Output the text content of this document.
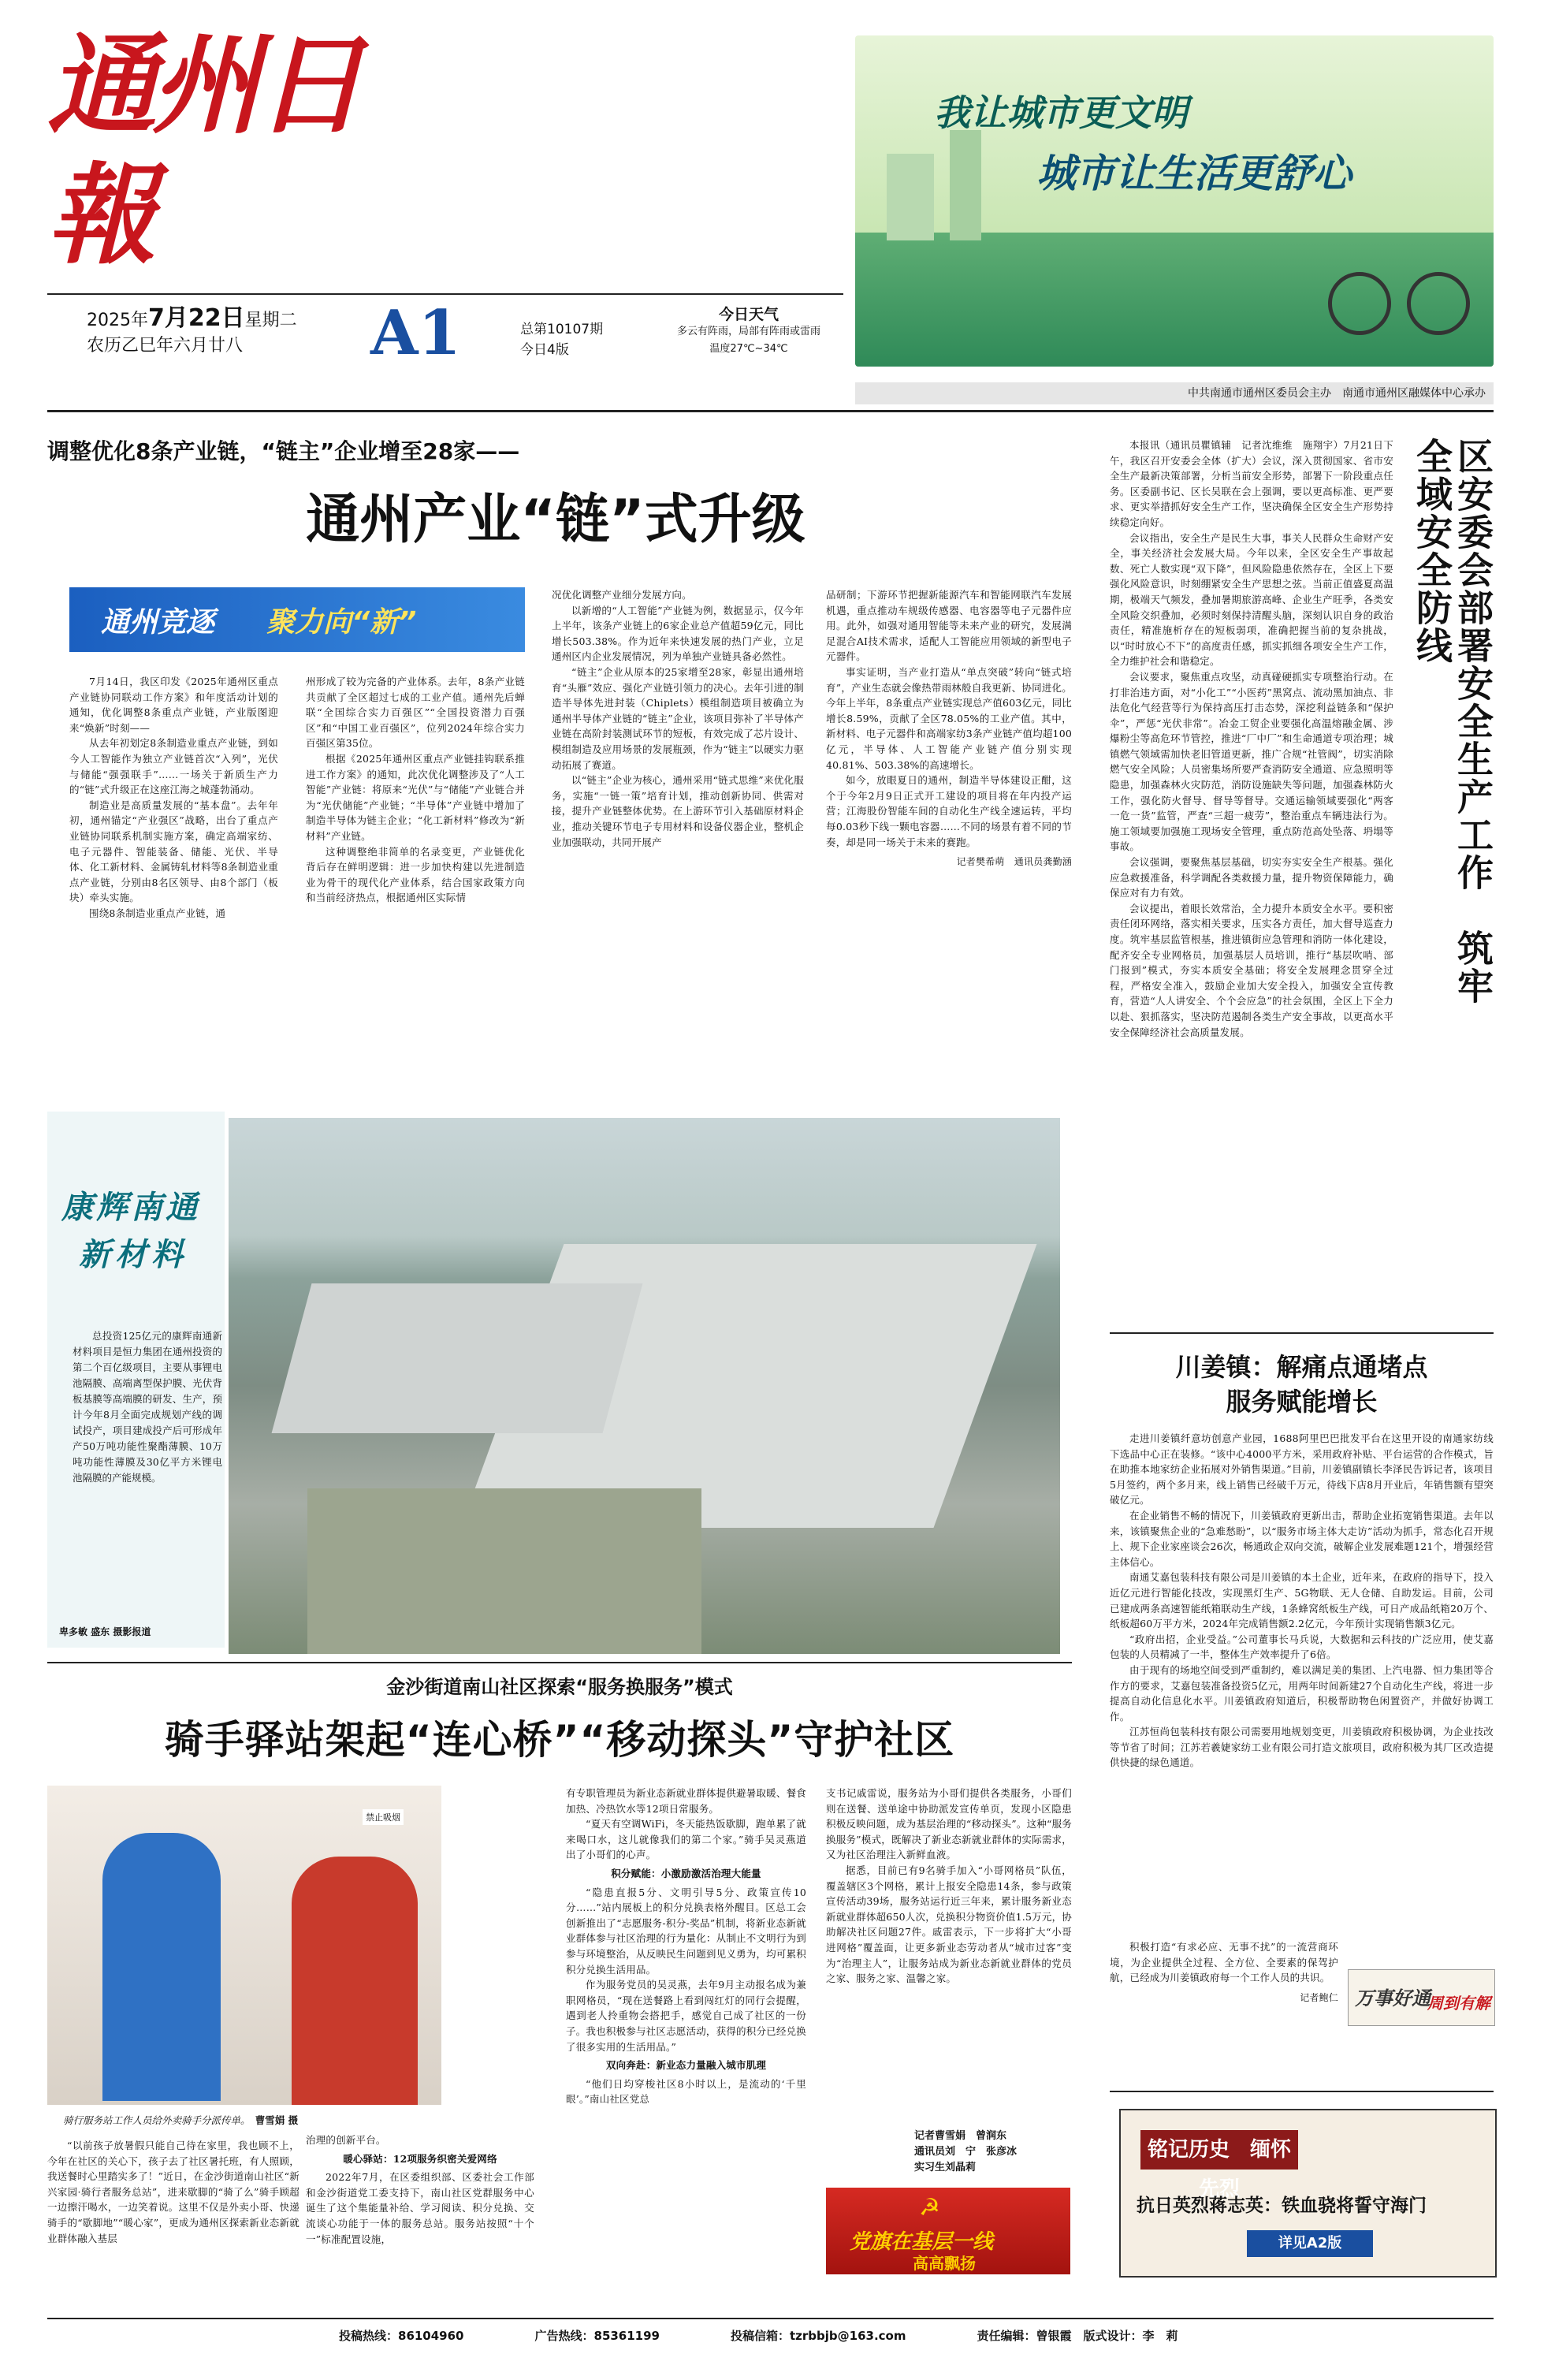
通州日報
2025年7月22日星期二
农历乙巳年六月廿八	A1	总第10107期
今日4版
今日天气
多云有阵雨，局部有阵雨或雷雨
温度27℃~34℃
我让城市更文明
城市让生活更舒心
中共南通市通州区委员会主办　南通市通州区融媒体中心承办
调整优化8条产业链，“链主”企业增至28家——
通州产业“链”式升级
通州竞逐 聚力向“新”

7月14日，我区印发《2025年通州区重点产业链协同联动工作方案》和年度活动计划的通知，优化调整8条重点产业链，产业版图迎来“焕新”时刻——

从去年初划定8条制造业重点产业链，到如今人工智能作为独立产业链首次“入列”，光伏与储能“强强联手”……一场关于新质生产力的“链”式升级正在这座江海之城蓬勃涌动。

制造业是高质量发展的“基本盘”。去年年初，通州锚定“产业强区”战略，出台了重点产业链协同联系机制实施方案，确定高端家纺、电子元器件、智能装备、储能、光伏、半导体、化工新材料、金属铸轧材料等8条制造业重点产业链，分别由8名区领导、由8个部门（板块）牵头实施。

围绕8条制造业重点产业链，通

州形成了较为完备的产业体系。去年，8条产业链共贡献了全区超过七成的工业产值。通州先后蝉联“全国综合实力百强区”“全国投资潜力百强区”和“中国工业百强区”，位列2024年综合实力百强区第35位。

根据《2025年通州区重点产业链挂钩联系推进工作方案》的通知，此次优化调整涉及了“人工智能”产业链：将原来“光伏”与“储能”产业链合并为“光伏储能”产业链；“半导体”产业链中增加了制造半导体为链主企业；“化工新材料”修改为“新材料”产业链。

这种调整绝非简单的名录变更，产业链优化背后存在鲜明逻辑：进一步加快构建以先进制造业为骨干的现代化产业体系，结合国家政策方向和当前经济热点，根据通州区实际情

况优化调整产业细分发展方向。

以新增的“人工智能”产业链为例，数据显示，仅今年上半年，该条产业链上的6家企业总产值超59亿元，同比增长503.38%。作为近年来快速发展的热门产业，立足通州区内企业发展情况，列为单独产业链具备必然性。

“链主”企业从原本的25家增至28家，彰显出通州培育“头雁”效应、强化产业链引领力的决心。去年引进的制造半导体先进封装（Chiplets）模组制造项目被确立为通州半导体产业链的“链主”企业，该项目弥补了半导体产业链在高阶封装测试环节的短板，有效完成了芯片设计、模组制造及应用场景的发展瓶颈，作为“链主”以硬实力驱动拓展了赛道。

以“链主”企业为核心，通州采用“链式思维”来优化服务，实施“一链一策”培育计划，推动创新协同、供需对接，提升产业链整体优势。在上游环节引入基础原材料企业，推动关键环节电子专用材料和设备仪器企业，整机企业加强联动，共同开展产

品研制；下游环节把握新能源汽车和智能网联汽车发展机遇，重点推动车规级传感器、电容器等电子元器件应用。此外，如强对通用智能等未来产业的研究，发展满足混合AI技术需求，适配人工智能应用领域的新型电子元器件。

事实证明，当产业打造从“单点突破”转向“链式培育”，产业生态就会像热带雨林般自我更新、协同进化。今年上半年，8条重点产业链实现总产值603亿元，同比增长8.59%，贡献了全区78.05%的工业产值。其中，新材料、电子元器件和高端家纺3条产业链产值均超100亿元，半导体、人工智能产业链产值分别实现40.81%、503.38%的高速增长。

如今，放眼夏日的通州，制造半导体建设正酣，这个于今年2月9日正式开工建设的项目将在年内投产运营；江海股份智能车间的自动化生产线全速运转，平均每0.03秒下线一颗电容器……不同的场景有着不同的节奏，却是同一场关于未来的赛跑。

记者樊希萌　通讯员龚勤涵

康辉南通
新材料
总投资125亿元的康辉南通新材料项目是恒力集团在通州投资的第二个百亿级项目，主要从事锂电池隔膜、高端离型保护膜、光伏背板基膜等高端膜的研发、生产，预计今年8月全面完成规划产线的调试投产，项目建成投产后可形成年产50万吨功能性聚酯薄膜、10万吨功能性薄膜及30亿平方米锂电池隔膜的产能规模。
卑多敏 盛东 摄影报道
区安委会部署安全生产工作　筑牢全域安全防线

本报讯（通讯员瞿镇辅　记者沈维维　施翔宇）7月21日下午，我区召开安委会全体（扩大）会议，深入贯彻国家、省市安全生产最新决策部署，分析当前安全形势，部署下一阶段重点任务。区委副书记、区长吴联在会上强调，要以更高标准、更严要求、更实举措抓好安全生产工作，坚决确保全区安全生产形势持续稳定向好。

会议指出，安全生产是民生大事，事关人民群众生命财产安全，事关经济社会发展大局。今年以来，全区安全生产事故起数、死亡人数实现“双下降”，但风险隐患依然存在，全区上下要强化风险意识，时刻绷紧安全生产思想之弦。当前正值盛夏高温期，极端天气频发，叠加暑期旅游高峰、企业生产旺季，各类安全风险交织叠加，必须时刻保持清醒头脑，深刻认识自身的政治责任，精准施析存在的短板弱项，准确把握当前的复杂挑战，以“时时放心不下”的高度责任感，抓实抓细各项安全生产工作，全力维护社会和谐稳定。

会议要求，聚焦重点攻坚，动真碰硬抓实专项整治行动。在打非治违方面，对“小化工”“小医药”黑窝点、流动黑加油点、非法危化气经营等行为保持高压打击态势，深挖利益链条和“保护伞”，严惩“光伏非常”。冶金工贸企业要强化高温熔融金属、涉爆粉尘等高危环节管控，推进“厂中厂”和生命通道专项治理；城镇燃气领域需加快老旧管道更新，推广合规“社管阀”，切实消除燃气安全风险；人员密集场所要严查消防安全通道、应急照明等隐患，加强森林火灾防范，消防设施缺失等问题，加强森林防火工作，强化防火督导、督导等督导。交通运输领域要强化“两客一危一货”监管，严查“三超一疲劳”，整治重点车辆违法行为。施工领域要加强施工现场安全管理，重点防范高处坠落、坍塌等事故。

会议强调，要聚焦基层基础，切实夯实安全生产根基。强化应急救援准备，科学调配各类救援力量，提升物资保障能力，确保应对有力有效。

会议提出，着眼长效常治，全力提升本质安全水平。要积密责任闭环网络，落实相关要求，压实各方责任，加大督导巡查力度。筑牢基层监管根基，推进镇街应急管理和消防一体化建设，配齐安全专业网格员，加强基层人员培训，推行“基层吹哨、部门报到”模式，夯实本质安全基础；将安全发展理念贯穿全过程，严格安全准入，鼓励企业加大安全投入，加强安全宣传教育，营造“人人讲安全、个个会应急”的社会氛围，全区上下全力以赴、狠抓落实，坚决防范遏制各类生产安全事故，以更高水平安全保障经济社会高质量发展。

川姜镇：解痛点通堵点
服务赋能增长

走进川姜镇纤意坊创意产业园，1688阿里巴巴批发平台在这里开设的南通家纺线下选品中心正在装修。“该中心4000平方米，采用政府补贴、平台运营的合作模式，旨在助推本地家纺企业拓展对外销售渠道。”目前，川姜镇副镇长李泽民告诉记者，该项目5月签约，两个多月来，线上销售已经破千万元，待线下店8月开业后，年销售额有望突破亿元。

在企业销售不畅的情况下，川姜镇政府更新出击，帮助企业拓宽销售渠道。去年以来，该镇聚焦企业的“急难愁盼”，以“服务市场主体大走访”活动为抓手，常态化召开规上、规下企业家座谈会26次，畅通政企双向交流，破解企业发展难题121个，增强经营主体信心。

南通艾嘉包装科技有限公司是川姜镇的本土企业，近年来，在政府的指导下，投入近亿元进行智能化技改，实现黑灯生产、5G物联、无人仓储、自助发运。目前，公司已建成两条高速智能纸箱联动生产线，1条蜂窝纸板生产线，可日产成品纸箱20万个、纸板超60万平方米，2024年完成销售额2.2亿元，今年预计实现销售额3亿元。

“政府出招，企业受益。”公司董事长马兵说，大数据和云科技的广泛应用，使艾嘉包装的人员精减了一半，整体生产效率提升了6倍。

由于现有的场地空间受到严重制约，难以满足美的集团、上汽电器、恒力集团等合作方的要求，艾嘉包装准备投资5亿元，用两年时间新建27个自动化生产线，将进一步提高自动化信息化水平。川姜镇政府知道后，积极帮助物色闲置资产，并做好协调工作。

江苏恒尚包装科技有限公司需要用地规划变更，川姜镇政府积极协调，为企业技改等节省了时间；江苏若羲婕家纺工业有限公司打造文旅项目，政府积极为其厂区改造提供快捷的绿色通道。

积极打造“有求必应、无事不扰”的一流营商环境，为企业提供全过程、全方位、全要素的保驾护航，已经成为川姜镇政府每一个工作人员的共识。

记者鲍仁 万事好通
周到有解
铭记历史　缅怀先烈
抗日英烈蒋志英：铁血骁将誓守海门
详见A2版
金沙街道南山社区探索“服务换服务”模式
骑手驿站架起“连心桥”“移动探头”守护社区
禁止吸烟
骑行服务站工作人员给外卖骑手分派传单。　 曹雪娟 摄

“以前孩子放暑假只能自己待在家里，我也顾不上，今年在社区的关心下，孩子去了社区暑托班，有人照顾，我送餐时心里踏实多了！”近日，在金沙街道南山社区“新兴家园·骑行者服务总站”，进来歇脚的“骑了么”骑手顾超一边擦汗喝水，一边笑着说。这里不仅是外卖小哥、快递骑手的“歇脚地”“暖心家”，更成为通州区探索新业态新就业群体融入基层

治理的创新平台。

暖心驿站：12项服务织密关爱网络

2022年7月，在区委组织部、区委社会工作部和金沙街道党工委支持下，南山社区党群服务中心诞生了这个集能量补给、学习阅读、积分兑换、交流谈心功能于一体的服务总站。服务站按照“十个一”标准配置设施，

有专职管理员为新业态新就业群体提供避暑取暖、餐食加热、冷热饮水等12项日常服务。

“夏天有空调WiFi，冬天能热饭歇脚，跑单累了就来喝口水，这儿就像我们的第二个家。”骑手吴灵燕道出了小哥们的心声。

积分赋能：小激励激活治理大能量

“隐患直报5分、文明引导5分、政策宣传10分……”站内展板上的积分兑换表格外醒目。区总工会创新推出了“志愿服务-积分-奖品”机制，将新业态新就业群体参与社区治理的行为量化：从制止不文明行为到参与环境整治，从反映民生问题到见义勇为，均可累积积分兑换生活用品。

作为服务党员的吴灵燕，去年9月主动报名成为兼职网格员，“现在送餐路上看到闯红灯的同行会提醒，遇到老人拎重物会搭把手，感觉自己成了社区的一份子。我也积极参与社区志愿活动，获得的积分已经兑换了很多实用的生活用品。”

双向奔赴：新业态力量融入城市肌理

“他们日均穿梭社区8小时以上，是流动的‘千里眼’。”南山社区党总

支书记戚雷说，服务站为小哥们提供各类服务，小哥们则在送餐、送单途中协助派发宣传单页，发现小区隐患积极反映问题，成为基层治理的“移动探头”。这种“服务换服务”模式，既解决了新业态新就业群体的实际需求，又为社区治理注入新鲜血液。

据悉，目前已有9名骑手加入“小哥网格员”队伍，覆盖辖区3个网格，累计上报安全隐患14条，参与政策宣传活动39场，服务站运行近三年来，累计服务新业态新就业群体超650人次，兑换积分物资价值1.5万元，协助解决社区问题27件。戚雷表示，下一步将扩大“小哥进网格”覆盖面，让更多新业态劳动者从“城市过客”变为“治理主人”，让服务站成为新业态新就业群体的党员之家、服务之家、温馨之家。

记者曹雪娟　曾润东
通讯员刘　宁　张彦冰
实习生刘晶莉
☭
党旗在基层一线
高高飘扬
投稿热线：86104960	广告热线：85361199	投稿信箱：tzrbbjb@163.com	责任编辑：曾银霞　版式设计：李　莉
